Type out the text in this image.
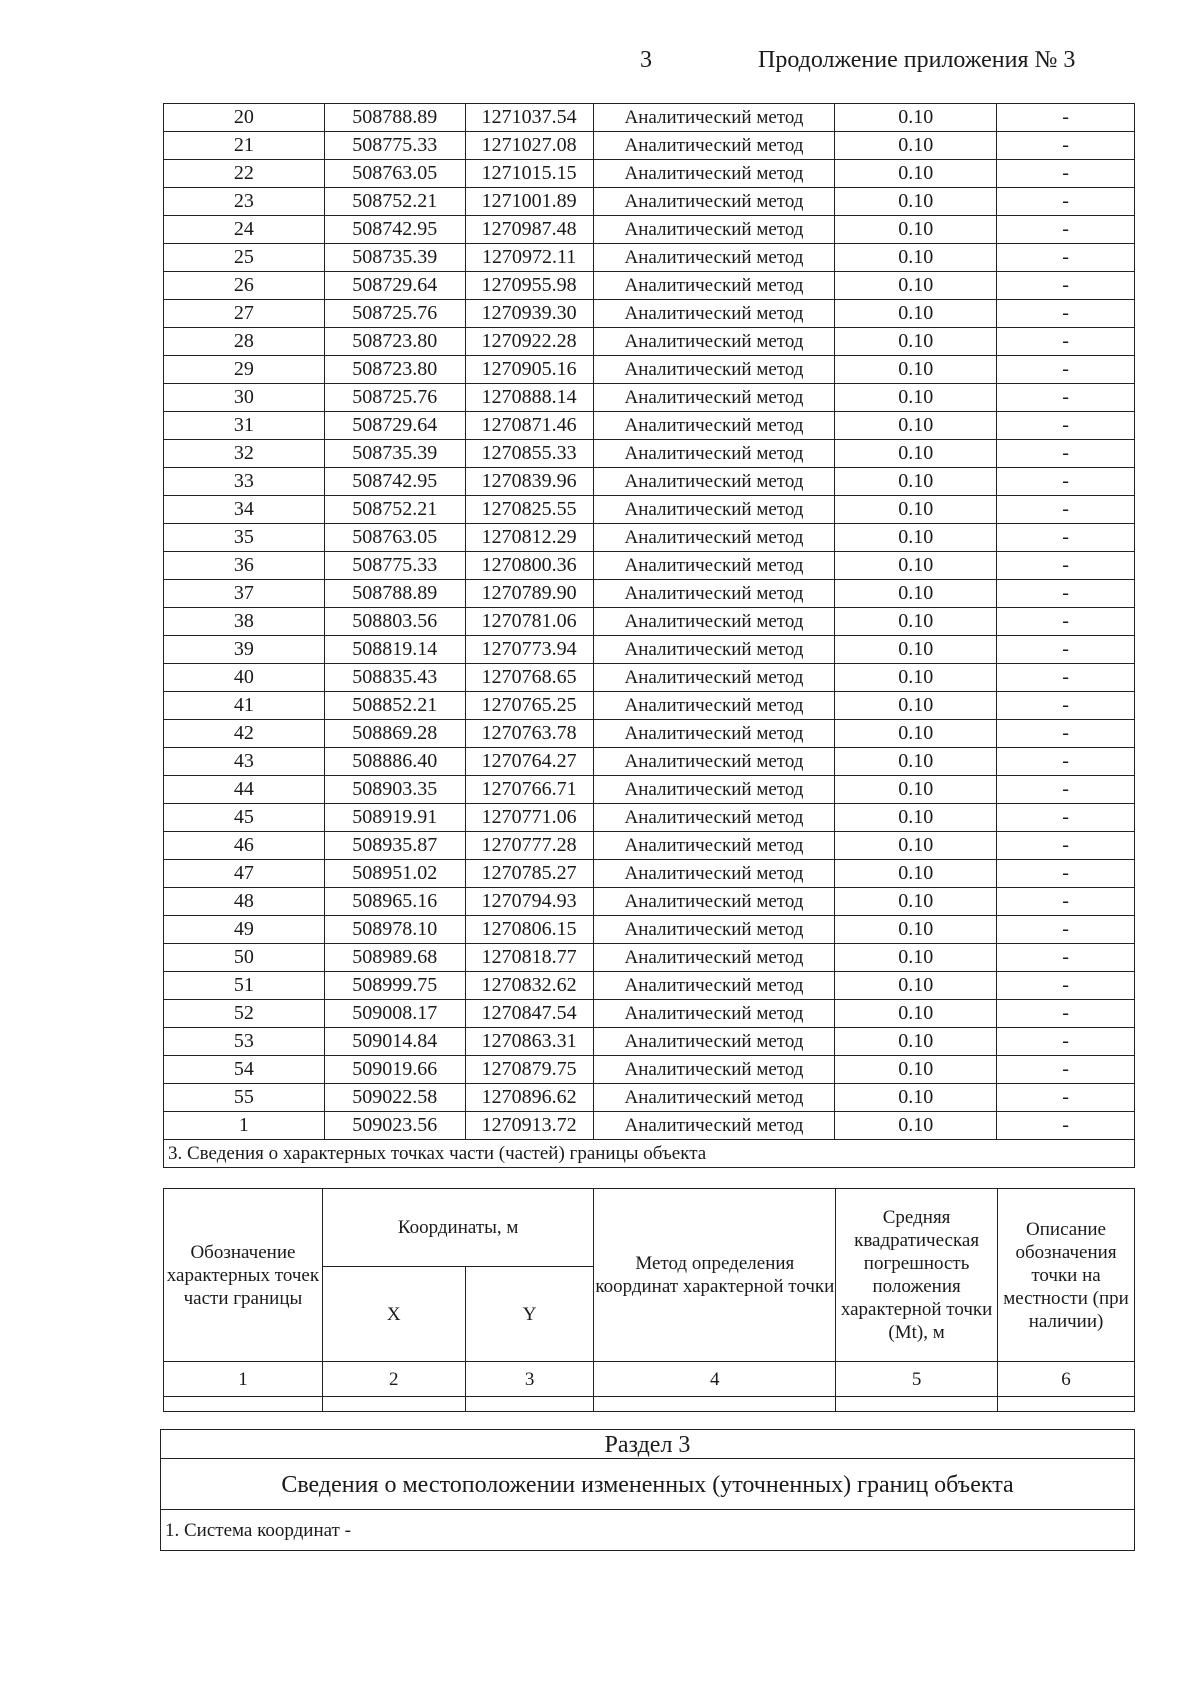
3	Продолжение приложения № 3
20	508788.89	1271037.54	Аналитический метод	0.10	-
21	508775.33	1271027.08	Аналитический метод	0.10	-
22	508763.05	1271015.15	Аналитический метод	0.10	-
23	508752.21	1271001.89	Аналитический метод	0.10	-
24	508742.95	1270987.48	Аналитический метод	0.10	-
25	508735.39	1270972.11	Аналитический метод	0.10	-
26	508729.64	1270955.98	Аналитический метод	0.10	-
27	508725.76	1270939.30	Аналитический метод	0.10	-
28	508723.80	1270922.28	Аналитический метод	0.10	-
29	508723.80	1270905.16	Аналитический метод	0.10	-
30	508725.76	1270888.14	Аналитический метод	0.10	-
31	508729.64	1270871.46	Аналитический метод	0.10	-
32	508735.39	1270855.33	Аналитический метод	0.10	-
33	508742.95	1270839.96	Аналитический метод	0.10	-
34	508752.21	1270825.55	Аналитический метод	0.10	-
35	508763.05	1270812.29	Аналитический метод	0.10	-
36	508775.33	1270800.36	Аналитический метод	0.10	-
37	508788.89	1270789.90	Аналитический метод	0.10	-
38	508803.56	1270781.06	Аналитический метод	0.10	-
39	508819.14	1270773.94	Аналитический метод	0.10	-
40	508835.43	1270768.65	Аналитический метод	0.10	-
41	508852.21	1270765.25	Аналитический метод	0.10	-
42	508869.28	1270763.78	Аналитический метод	0.10	-
43	508886.40	1270764.27	Аналитический метод	0.10	-
44	508903.35	1270766.71	Аналитический метод	0.10	-
45	508919.91	1270771.06	Аналитический метод	0.10	-
46	508935.87	1270777.28	Аналитический метод	0.10	-
47	508951.02	1270785.27	Аналитический метод	0.10	-
48	508965.16	1270794.93	Аналитический метод	0.10	-
49	508978.10	1270806.15	Аналитический метод	0.10	-
50	508989.68	1270818.77	Аналитический метод	0.10	-
51	508999.75	1270832.62	Аналитический метод	0.10	-
52	509008.17	1270847.54	Аналитический метод	0.10	-
53	509014.84	1270863.31	Аналитический метод	0.10	-
54	509019.66	1270879.75	Аналитический метод	0.10	-
55	509022.58	1270896.62	Аналитический метод	0.10	-
1	509023.56	1270913.72	Аналитический метод	0.10	-
3. Сведения о характерных точках части (частей) границы объекта					
Обозначение характерных точек части границы	Координаты, м		Метод определения координат характерной точки	Средняя квадратическая погрешность положения характерной точки (Mt), м	Описание обозначения точки на местности (при наличии)
	X	Y			
1	2	3	4	5	6

Раздел 3
Сведения о местоположении измененных (уточненных) границ объекта
1. Система координат -
